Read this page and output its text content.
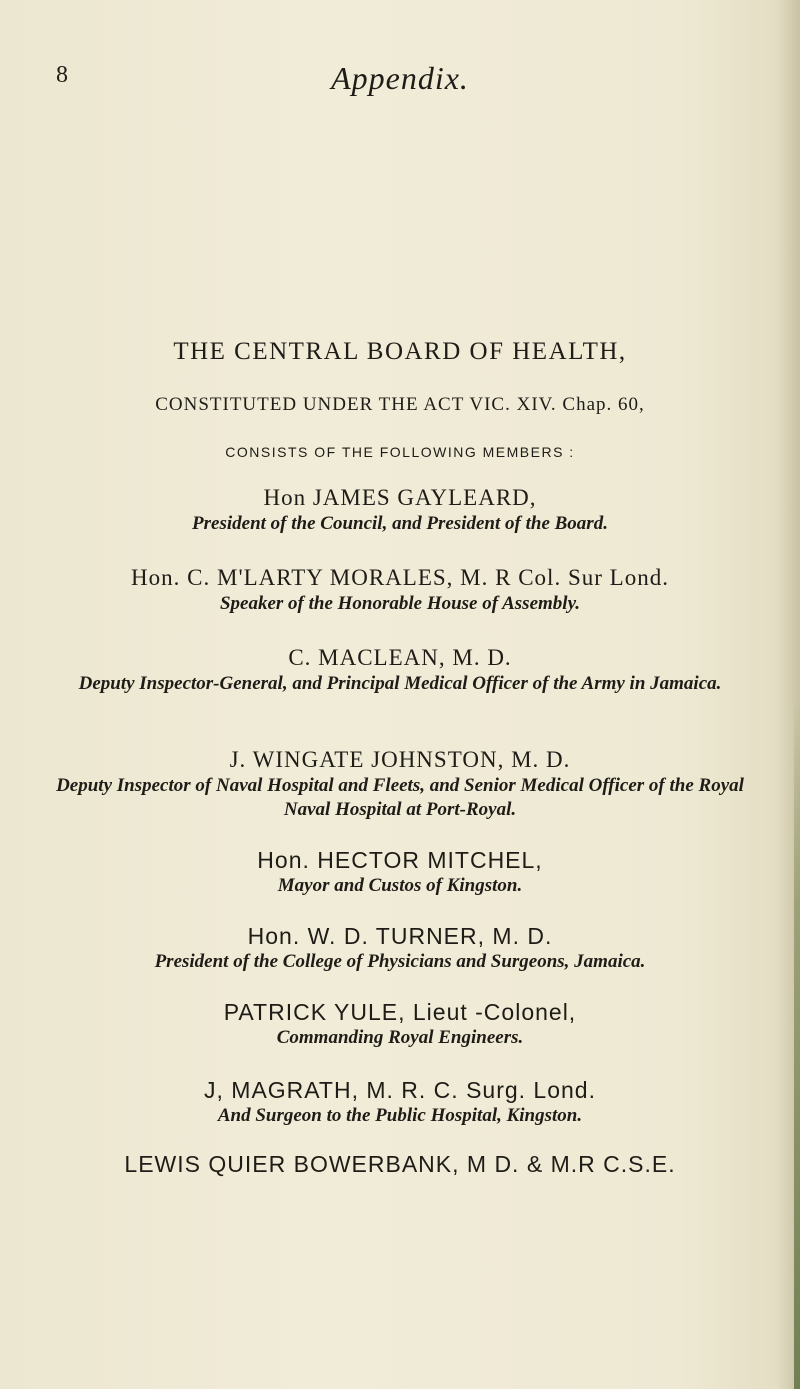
8	Appendix.
THE CENTRAL BOARD OF HEALTH,
CONSTITUTED UNDER THE ACT VIC. XIV. Chap. 60,
CONSISTS OF THE FOLLOWING MEMBERS :
Hon JAMES GAYLEARD,
President of the Council, and President of the Board.
Hon. C. M'LARTY MORALES, M. R Col. Sur Lond.
Speaker of the Honorable House of Assembly.
C. MACLEAN, M. D.
Deputy Inspector-General, and Principal Medical Officer of the Army in Jamaica.
J. WINGATE JOHNSTON, M. D.
Deputy Inspector of Naval Hospital and Fleets, and Senior Medical Officer of the Royal Naval Hospital at Port-Royal.
Hon. HECTOR MITCHEL,
Mayor and Custos of Kingston.
Hon. W. D. TURNER, M. D.
President of the College of Physicians and Surgeons, Jamaica.
PATRICK YULE, Lieut -Colonel,
Commanding Royal Engineers.
J, MAGRATH, M. R. C. Surg. Lond.
And Surgeon to the Public Hospital, Kingston.
LEWIS QUIER BOWERBANK, M D. & M.R C.S.E.
